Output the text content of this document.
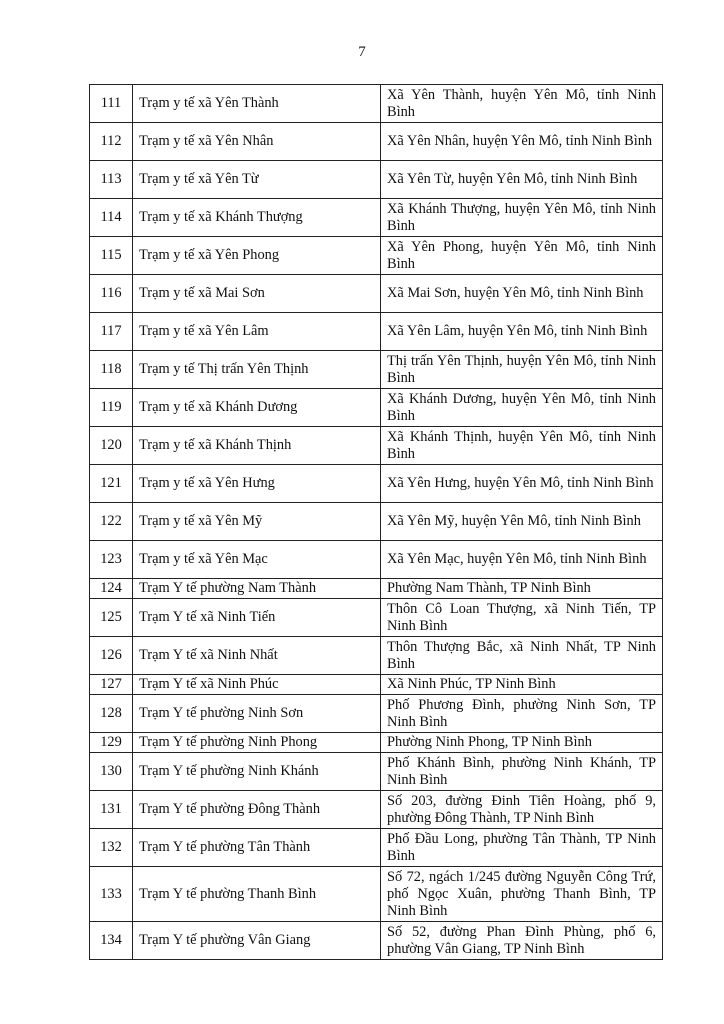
7
111	Trạm y tế xã Yên Thành	Xã Yên Thành, huyện Yên Mô, tỉnh Ninh Bình
112	Trạm y tế xã Yên Nhân	Xã Yên Nhân, huyện Yên Mô, tỉnh Ninh Bình
113	Trạm y tế xã Yên Từ	Xã Yên Từ, huyện Yên Mô, tỉnh Ninh Bình
114	Trạm y tế xã Khánh Thượng	Xã Khánh Thượng, huyện Yên Mô, tỉnh Ninh Bình
115	Trạm y tế xã Yên Phong	Xã Yên Phong, huyện Yên Mô, tỉnh Ninh Bình
116	Trạm y tế xã Mai Sơn	Xã Mai Sơn, huyện Yên Mô, tỉnh Ninh Bình
117	Trạm y tế xã Yên Lâm	Xã Yên Lâm, huyện Yên Mô, tỉnh Ninh Bình
118	Trạm y tế Thị trấn Yên Thịnh	Thị trấn Yên Thịnh, huyện Yên Mô, tỉnh Ninh Bình
119	Trạm y tế xã Khánh Dương	Xã Khánh Dương, huyện Yên Mô, tỉnh Ninh Bình
120	Trạm y tế xã Khánh Thịnh	Xã Khánh Thịnh, huyện Yên Mô, tỉnh Ninh Bình
121	Trạm y tế xã Yên Hưng	Xã Yên Hưng, huyện Yên Mô, tỉnh Ninh Bình
122	Trạm y tế xã Yên Mỹ	Xã Yên Mỹ, huyện Yên Mô, tỉnh Ninh Bình
123	Trạm y tế xã Yên Mạc	Xã Yên Mạc, huyện Yên Mô, tỉnh Ninh Bình
124	Trạm Y tế phường Nam Thành	Phường Nam Thành, TP Ninh Bình
125	Trạm Y tế xã Ninh Tiến	Thôn Cô Loan Thượng, xã Ninh Tiến, TP Ninh Bình
126	Trạm Y tế xã Ninh Nhất	Thôn Thượng Bắc, xã Ninh Nhất, TP Ninh Bình
127	Trạm Y tế xã Ninh Phúc	Xã Ninh Phúc, TP Ninh Bình
128	Trạm Y tế phường Ninh Sơn	Phố Phương Đình, phường Ninh Sơn, TP Ninh Bình
129	Trạm Y tế phường Ninh Phong	Phường Ninh Phong, TP Ninh Bình
130	Trạm Y tế phường Ninh Khánh	Phố Khánh Bình, phường Ninh Khánh, TP Ninh Bình
131	Trạm Y tế phường Đông Thành	Số 203, đường Đinh Tiên Hoàng, phố 9, phường Đông Thành, TP Ninh Bình
132	Trạm Y tế phường Tân Thành	Phố Đầu Long, phường Tân Thành, TP Ninh Bình
133	Trạm Y tế phường Thanh Bình	Số 72, ngách 1/245 đường Nguyễn Công Trứ, phố Ngọc Xuân, phường Thanh Bình, TP Ninh Bình
134	Trạm Y tế phường Vân Giang	Số 52, đường Phan Đình Phùng, phố 6, phường Vân Giang, TP Ninh Bình
